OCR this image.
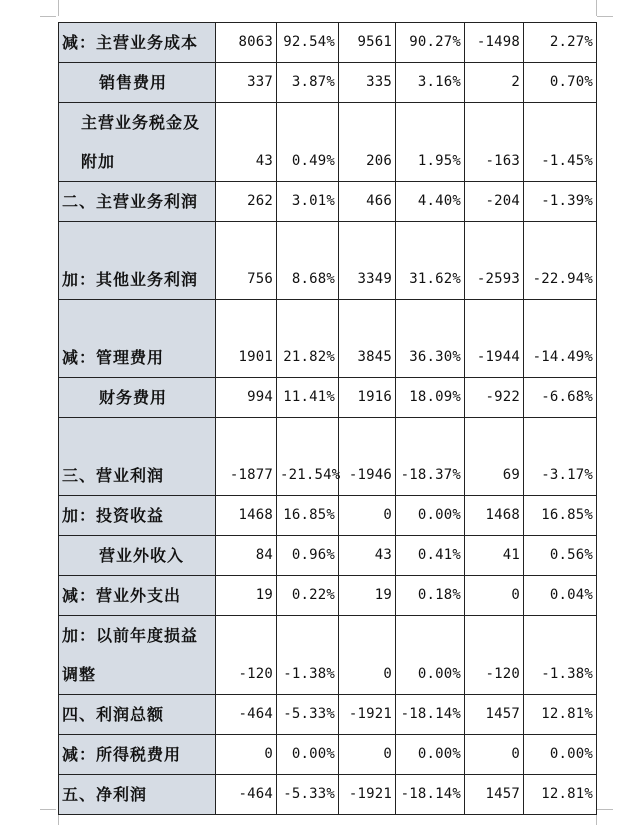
减：主营业务成本	8063	92.54%	9561	90.27%	-1498	2.27%
销售费用	337	3.87%	335	3.16%	2	0.70%
主营业务税金及附加	43	0.49%	206	1.95%	-163	-1.45%
二、主营业务利润	262	3.01%	466	4.40%	-204	-1.39%
加：其他业务利润	756	8.68%	3349	31.62%	-2593	-22.94%
减：管理费用	1901	21.82%	3845	36.30%	-1944	-14.49%
财务费用	994	11.41%	1916	18.09%	-922	-6.68%
三、营业利润	-1877	-21.54%	-1946	-18.37%	69	-3.17%
加：投资收益	1468	16.85%	0	0.00%	1468	16.85%
营业外收入	84	0.96%	43	0.41%	41	0.56%
减：营业外支出	19	0.22%	19	0.18%	0	0.04%
加：以前年度损益调整	-120	-1.38%	0	0.00%	-120	-1.38%
四、利润总额	-464	-5.33%	-1921	-18.14%	1457	12.81%
减：所得税费用	0	0.00%	0	0.00%	0	0.00%
五、净利润	-464	-5.33%	-1921	-18.14%	1457	12.81%
